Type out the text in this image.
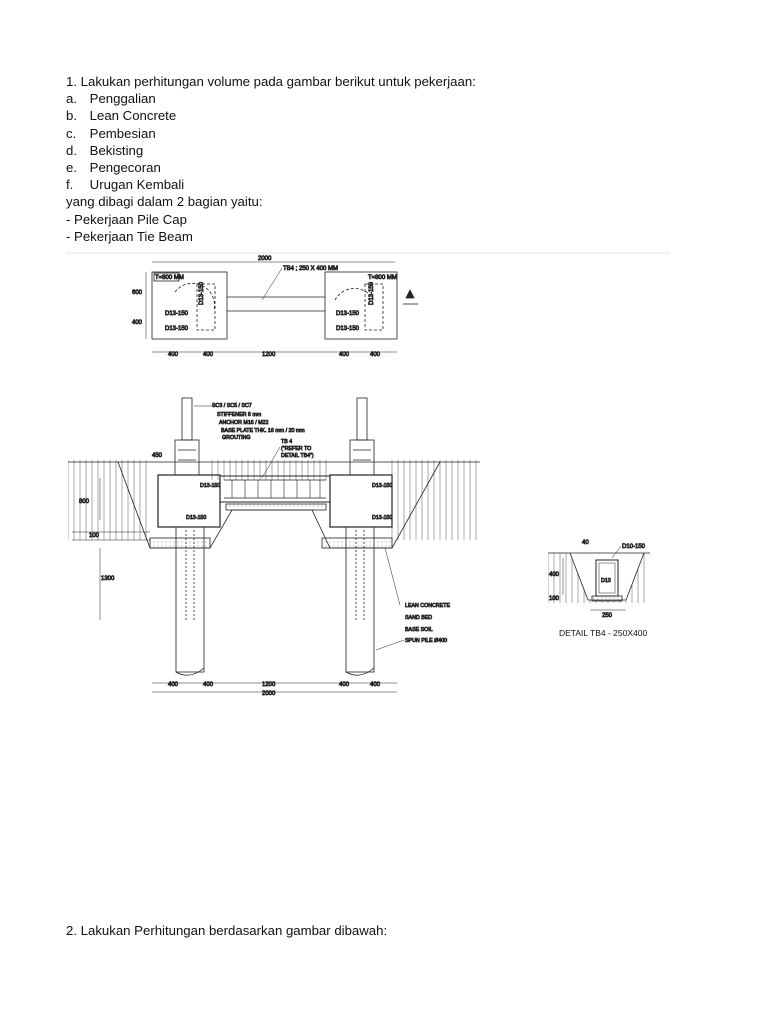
1. Lakukan perhitungan volume pada gambar berikut untuk pekerjaan:
a. Penggalian
b. Lean Concrete
c. Pembesian
d. Bekisting
e. Pengecoran
f. Urugan Kembali
yang dibagi dalam 2 bagian yaitu:
- Pekerjaan Pile Cap
- Pekerjaan Tie Beam
2000
T=800 MM
TB4 ; 250 X 400 MM
T=800 MM
D13-150	D13-150
D13-150	D13-150
D13-150	D13-150
600
400
400	400	1200	400	400
SC3 / SC5 / SC7
STIFFENER 6 mm
ANCHOR M16 / M22
BASE PLATE THK. 16 mm / 20 mm
GROUTING
TB 4
("REFER TO
DETAIL TB4")
D13-150
D13-150
D13-150
D13-150
450
800
100
1300
LEAN CONCRETE
SAND BED
BASE SOIL
SPUN PILE Ø400
400	400	1200	400	400
2000
40
D10-150
D13
400
100
250
DETAIL TB4 - 250X400
2. Lakukan Perhitungan berdasarkan gambar dibawah:
